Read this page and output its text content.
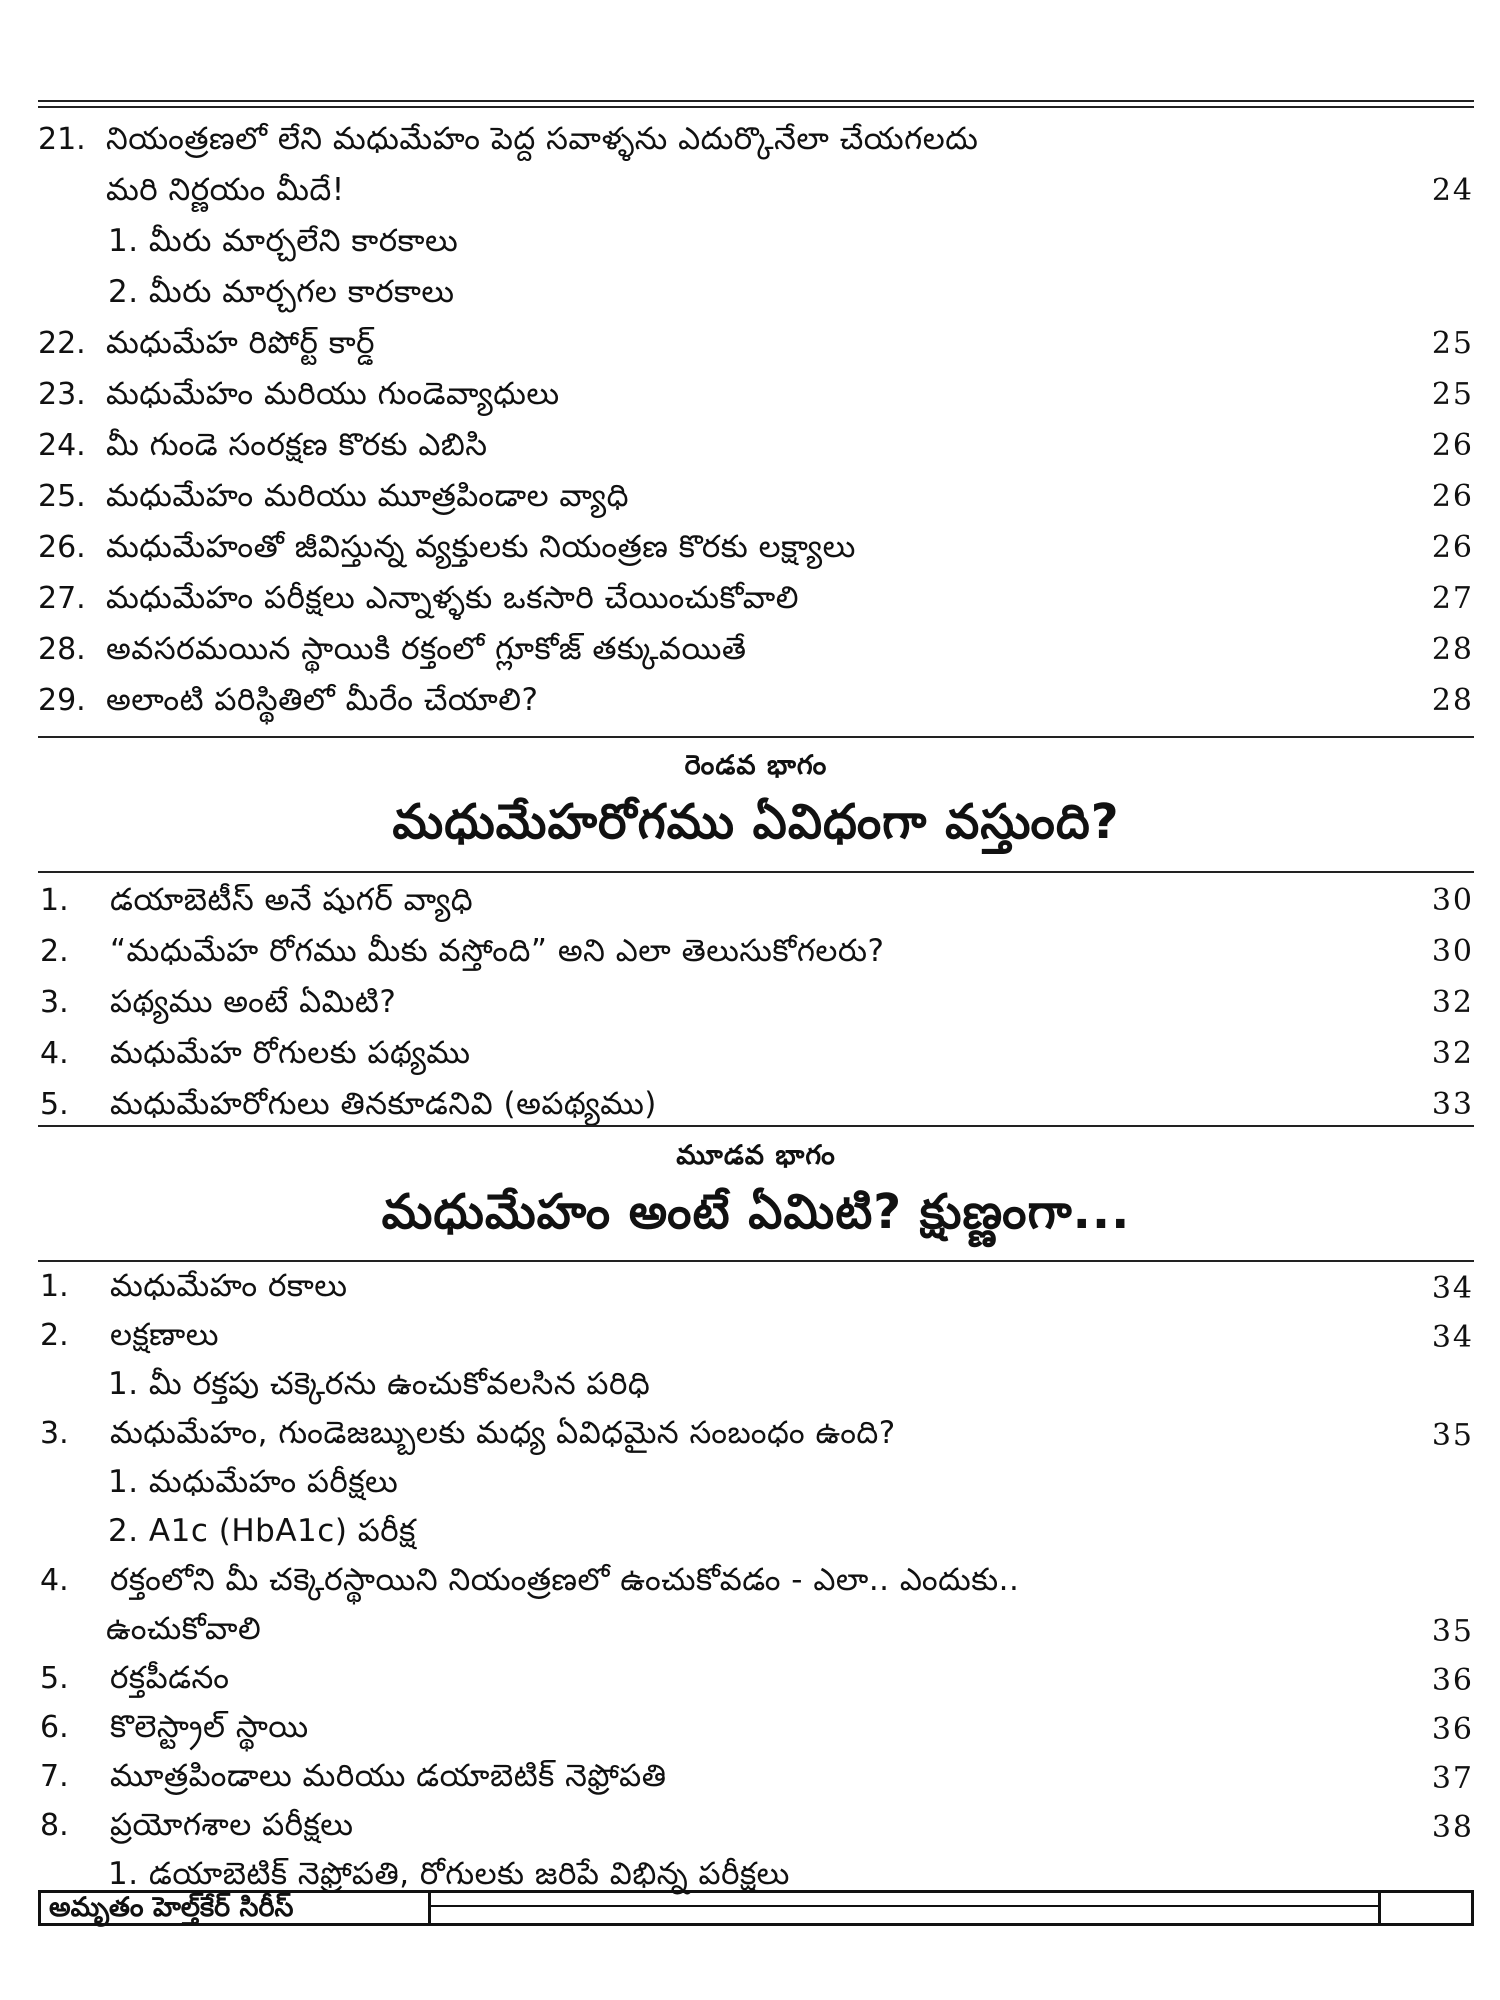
21. నియంత్రణలో లేని మధుమేహం పెద్ద సవాళ్ళను ఎదుర్కొనేలా చేయగలదు
మరి నిర్ణయం మీదే!	24
1. మీరు మార్చలేని కారకాలు
2. మీరు మార్చగల కారకాలు
22. మధుమేహ రిపోర్ట్ కార్డ్	25
23. మధుమేహం మరియు గుండెవ్యాధులు	25
24. మీ గుండె సంరక్షణ కొరకు ఎబిసి	26
25. మధుమేహం మరియు మూత్రపిండాల వ్యాధి	26
26. మధుమేహంతో జీవిస్తున్న వ్యక్తులకు నియంత్రణ కొరకు లక్ష్యాలు	26
27. మధుమేహం పరీక్షలు ఎన్నాళ్ళకు ఒకసారి చేయించుకోవాలి	27
28. అవసరమయిన స్థాయికి రక్తంలో గ్లూకోజ్ తక్కువయితే	28
29. అలాంటి పరిస్థితిలో మీరేం చేయాలి?	28
రెండవ భాగం
మధుమేహరోగము ఏవిధంగా వస్తుంది?
1.	డయాబెటీస్ అనే షుగర్ వ్యాధి	30
2.	“మధుమేహ రోగము మీకు వస్తోంది” అని ఎలా తెలుసుకోగలరు?	30
3.	పథ్యము అంటే ఏమిటి?	32
4.	మధుమేహ రోగులకు పథ్యము	32
5.	మధుమేహరోగులు తినకూడనివి (అపథ్యము)	33
మూడవ భాగం
మధుమేహం అంటే ఏమిటి? క్షుణ్ణంగా...
1.	మధుమేహం రకాలు	34
2.	లక్షణాలు	34
1. మీ రక్తపు చక్కెరను ఉంచుకోవలసిన పరిధి
3.	మధుమేహం, గుండెజబ్బులకు మధ్య ఏవిధమైన సంబంధం ఉంది?	35
1. మధుమేహం పరీక్షలు
2. A1c (HbA1c) పరీక్ష
4.	రక్తంలోని మీ చక్కెరస్థాయిని నియంత్రణలో ఉంచుకోవడం - ఎలా.. ఎందుకు..
ఉంచుకోవాలి	35
5.	రక్తపీడనం	36
6.	కొలెస్ట్రాల్ స్థాయి	36
7.	మూత్రపిండాలు మరియు డయాబెటిక్ నెఫ్రోపతి	37
8.	ప్రయోగశాల పరీక్షలు	38
1. డయాబెటిక్ నెఫ్రోపతి, రోగులకు జరిపే విభిన్న పరీక్షలు
అమృతం హెల్త్‌కేర్ సిరీస్
